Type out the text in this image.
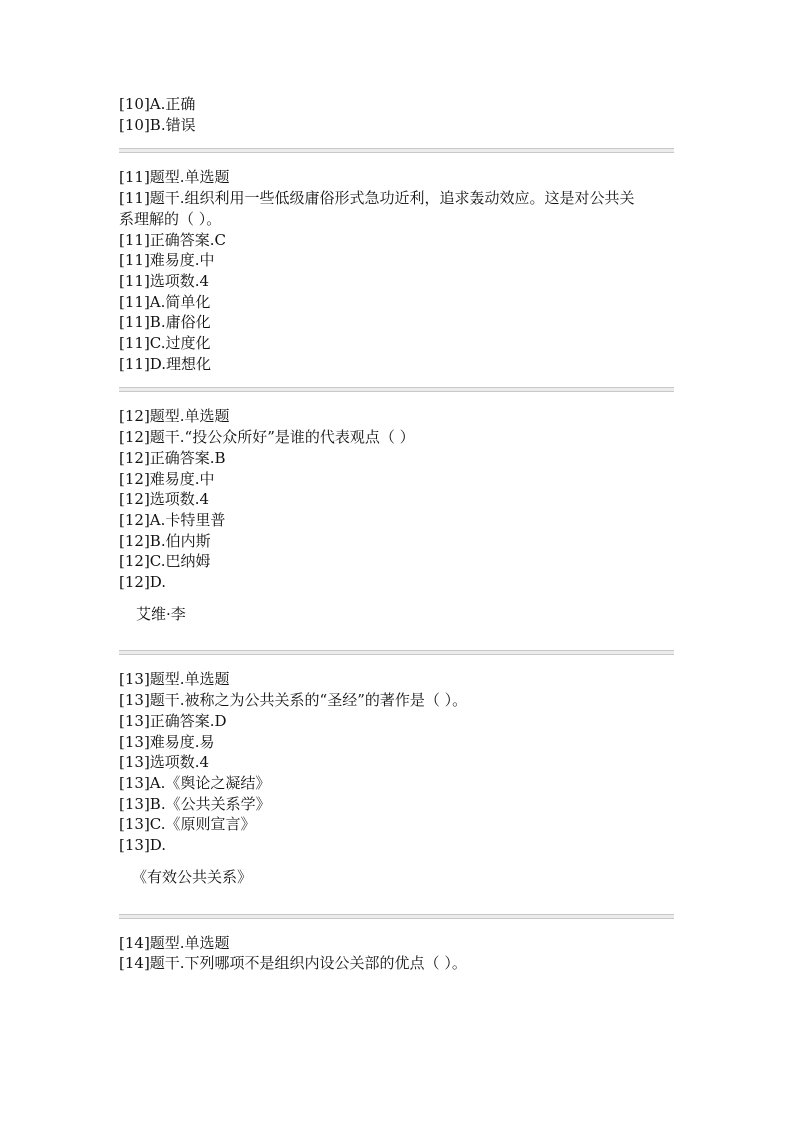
[10]A.正确
[10]B.错误
[11]题型.单选题
[11]题干.组织利用一些低级庸俗形式急功近利，追求轰动效应。这是对公共关
系理解的（ ）。
[11]正确答案.C
[11]难易度.中
[11]选项数.4
[11]A.简单化
[11]B.庸俗化
[11]C.过度化
[11]D.理想化
[12]题型.单选题
[12]题干.“投公众所好”是谁的代表观点（ ）
[12]正确答案.B
[12]难易度.中
[12]选项数.4
[12]A.卡特里普
[12]B.伯内斯
[12]C.巴纳姆
[12]D.
艾维·李
[13]题型.单选题
[13]题干.被称之为公共关系的“圣经”的著作是（ ）。
[13]正确答案.D
[13]难易度.易
[13]选项数.4
[13]A.《舆论之凝结》
[13]B.《公共关系学》
[13]C.《原则宣言》
[13]D.
《有效公共关系》
[14]题型.单选题
[14]题干.下列哪项不是组织内设公关部的优点（ ）。
